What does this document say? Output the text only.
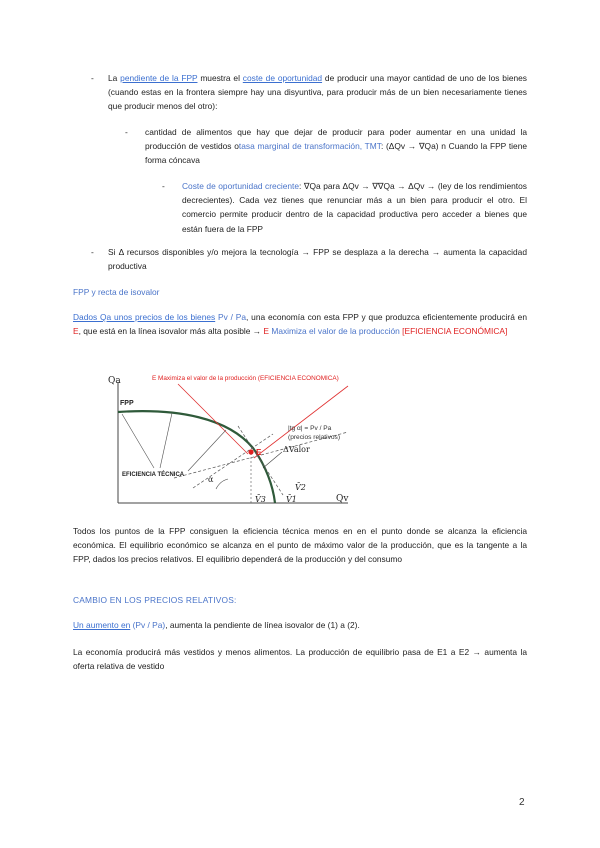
- La pendiente de la FPP muestra el coste de oportunidad de producir una mayor cantidad de uno de los bienes (cuando estas en la frontera siempre hay una disyuntiva, para producir más de un bien necesariamente tienes que producir menos del otro):
- cantidad de alimentos que hay que dejar de producir para poder aumentar en una unidad la producción de vestidos otasa marginal de transformación, TMT: (ΔQv → ∇Qa) n Cuando la FPP tiene forma cóncava
- Coste de oportunidad creciente: ∇Qa para ΔQv → ∇∇Qa → ΔQv → (ley de los rendimientos decrecientes). Cada vez tienes que renunciar más a un bien para producir el otro. El comercio permite producir dentro de la capacidad productiva pero acceder a bienes que están fuera de la FPP
- Si Δ recursos disponibles y/o mejora la tecnología → FPP se desplaza a la derecha → aumenta la capacidad productiva
FPP y recta de isovalor
Dados Qa unos precios de los bienes Pv / Pa, una economía con esta FPP y que produzca eficientemente producirá en E, que está en la línea isovalor más alta posible → E Maximiza el valor de la producción [EFICIENCIA ECONÓMICA]
Qa
Qv
E Maximiza el valor de la producción (EFICIENCIA ECONOMICA)
FPP
E
|tg α| = Pv / Pa
(precios relativos)
ΔValor
EFICIENCIA TÉCNICA	α
V̄2
V̄3	V̄1
Todos los puntos de la FPP consiguen la eficiencia técnica menos en en el punto donde se alcanza la eficiencia económica. El equilibrio económico se alcanza en el punto de máximo valor de la producción, que es la tangente a la FPP, dados los precios relativos. El equilibrio dependerá de la producción y del consumo
CAMBIO EN LOS PRECIOS RELATIVOS:
Un aumento en (Pv / Pa), aumenta la pendiente de línea isovalor de (1) a (2).
La economía producirá más vestidos y menos alimentos. La producción de equilibrio pasa de E1 a E2 → aumenta la oferta relativa de vestido
2
